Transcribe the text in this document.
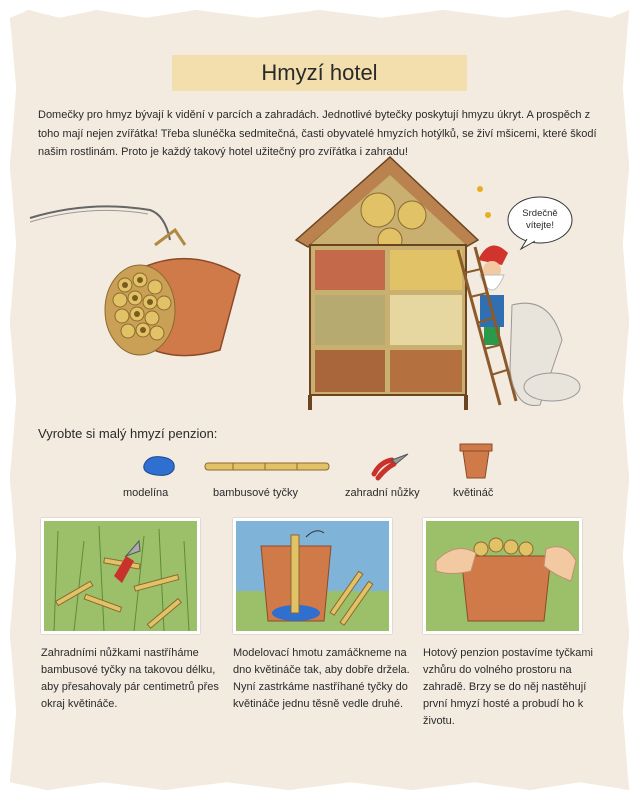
Hmyzí hotel
Domečky pro hmyz bývají k vidění v parcích a zahradách. Jednotlivé bytečky poskytují hmyzu úkryt. A prospěch z toho mají nejen zvířátka! Třeba slunéčka sedmitečná, časti obyvatelé hmyzích hotýlků, se živí mšicemi, které škodí našim rostlinám. Proto je každý takový hotel užitečný pro zvířátka i zahradu!
Srdečně
vítejte!
Vyrobte si malý hmyzí penzion:
modelína	bambusové tyčky	zahradní nůžky	květináč
Zahradními nůžkami nastříháme bambusové tyčky na takovou délku, aby přesahovaly pár centimetrů přes okraj květináče.
Modelovací hmotu zamáčkneme na dno květináče tak, aby dobře držela. Nyní zastrkáme nastříhané tyčky do květináče jednu těsně vedle druhé.
Hotový penzion postavíme tyčkami vzhůru do volného prostoru na zahradě. Brzy se do něj nastěhují první hmyzí hosté a probudí ho k životu.
